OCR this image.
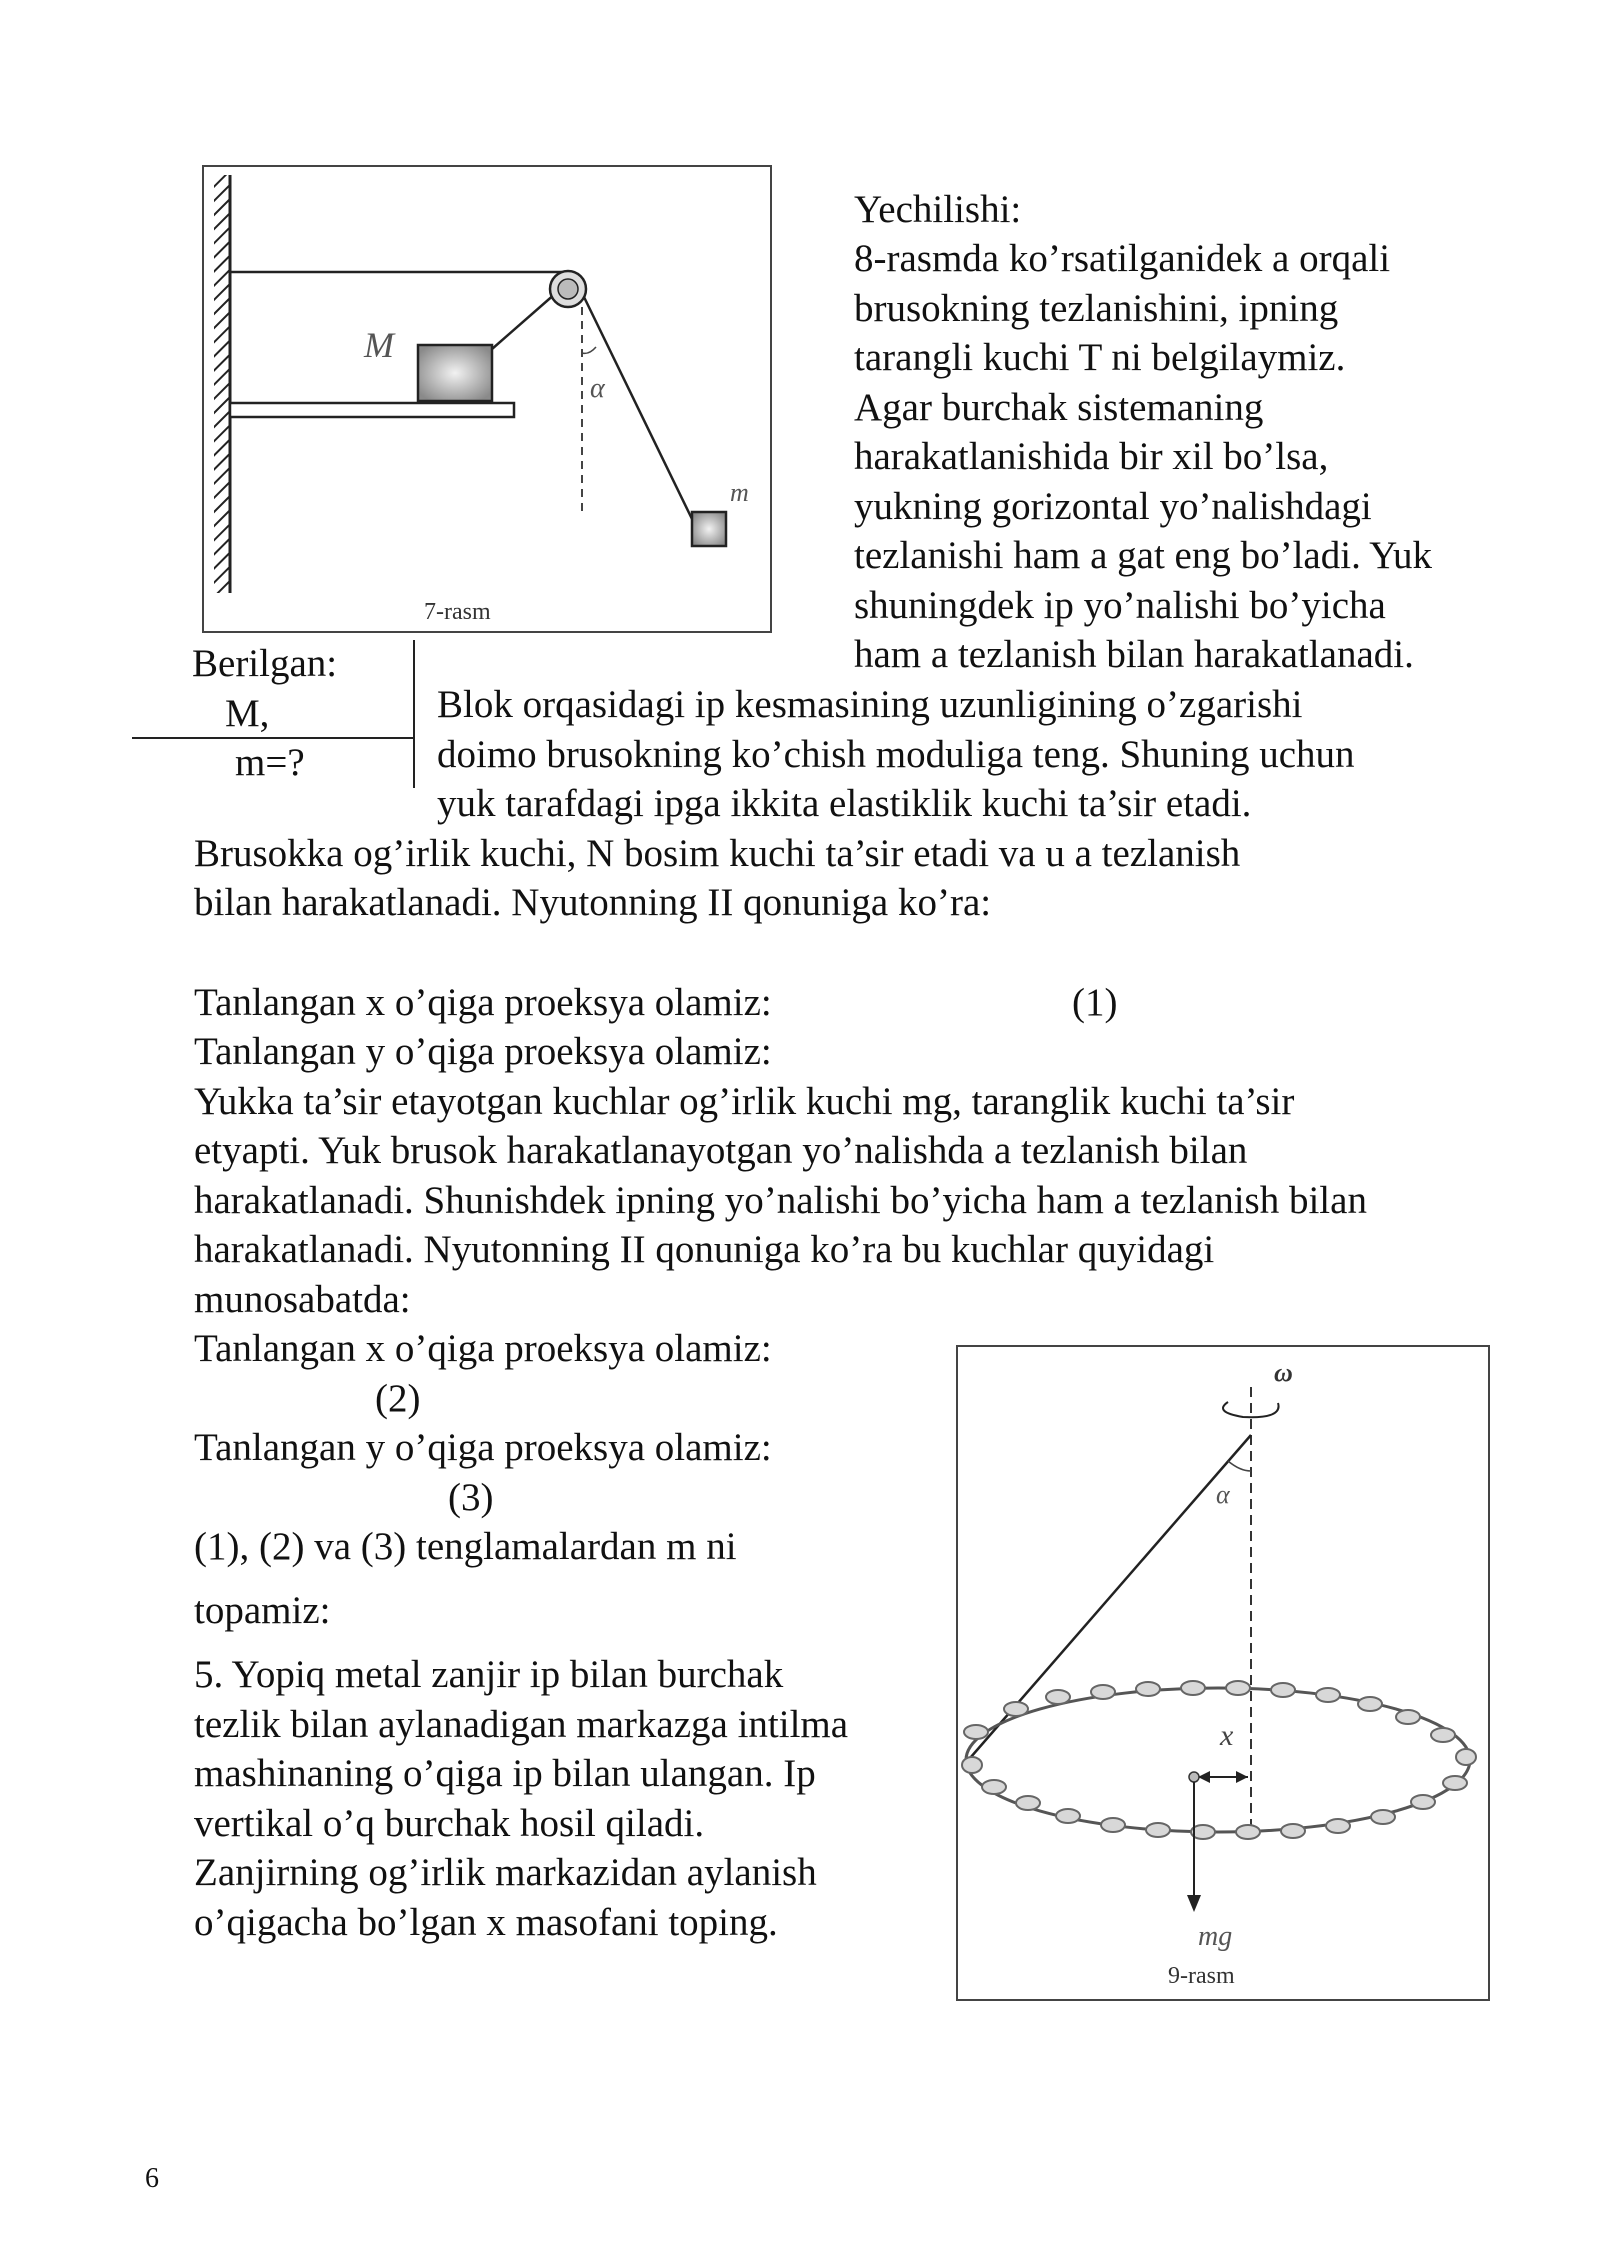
M
α
m
7-rasm

Yechilishi:

8-rasmda ko’rsatilganidek a orqali

brusokning tezlanishini, ipning

tarangli kuchi T ni belgilaymiz.

Agar burchak sistemaning

harakatlanishida bir xil bo’lsa,

yukning gorizontal yo’nalishdagi

tezlanishi ham a gat eng bo’ladi. Yuk

shuningdek ip yo’nalishi bo’yicha

ham a tezlanish bilan harakatlanadi.

Berilgan:

M,

m=?

Blok orqasidagi ip kesmasining uzunligining o’zgarishi

doimo brusokning ko’chish moduliga teng. Shuning uchun

yuk tarafdagi ipga ikkita elastiklik kuchi ta’sir etadi.

Brusokka og’irlik kuchi, N bosim kuchi ta’sir etadi va u a tezlanish

bilan harakatlanadi. Nyutonning II qonuniga ko’ra:

Tanlangan x o’qiga proeksya olamiz:	(1)

Tanlangan y o’qiga proeksya olamiz:

Yukka ta’sir etayotgan kuchlar og’irlik kuchi mg, taranglik kuchi ta’sir

etyapti. Yuk brusok harakatlanayotgan yo’nalishda a tezlanish bilan

harakatlanadi. Shunishdek ipning yo’nalishi bo’yicha ham a tezlanish bilan

harakatlanadi. Nyutonning II qonuniga ko’ra bu kuchlar quyidagi

munosabatda:

Tanlangan x o’qiga proeksya olamiz:

(2)

Tanlangan y o’qiga proeksya olamiz:

(3)

(1), (2) va (3) tenglamalardan m ni

topamiz:

5. Yopiq metal zanjir ip bilan burchak

tezlik bilan aylanadigan markazga intilma

mashinaning o’qiga ip bilan ulangan. Ip

vertikal o’q burchak hosil qiladi.

Zanjirning og’irlik markazidan aylanish

o’qigacha bo’lgan x masofani toping.

ω
α
x
mg
9-rasm

6
